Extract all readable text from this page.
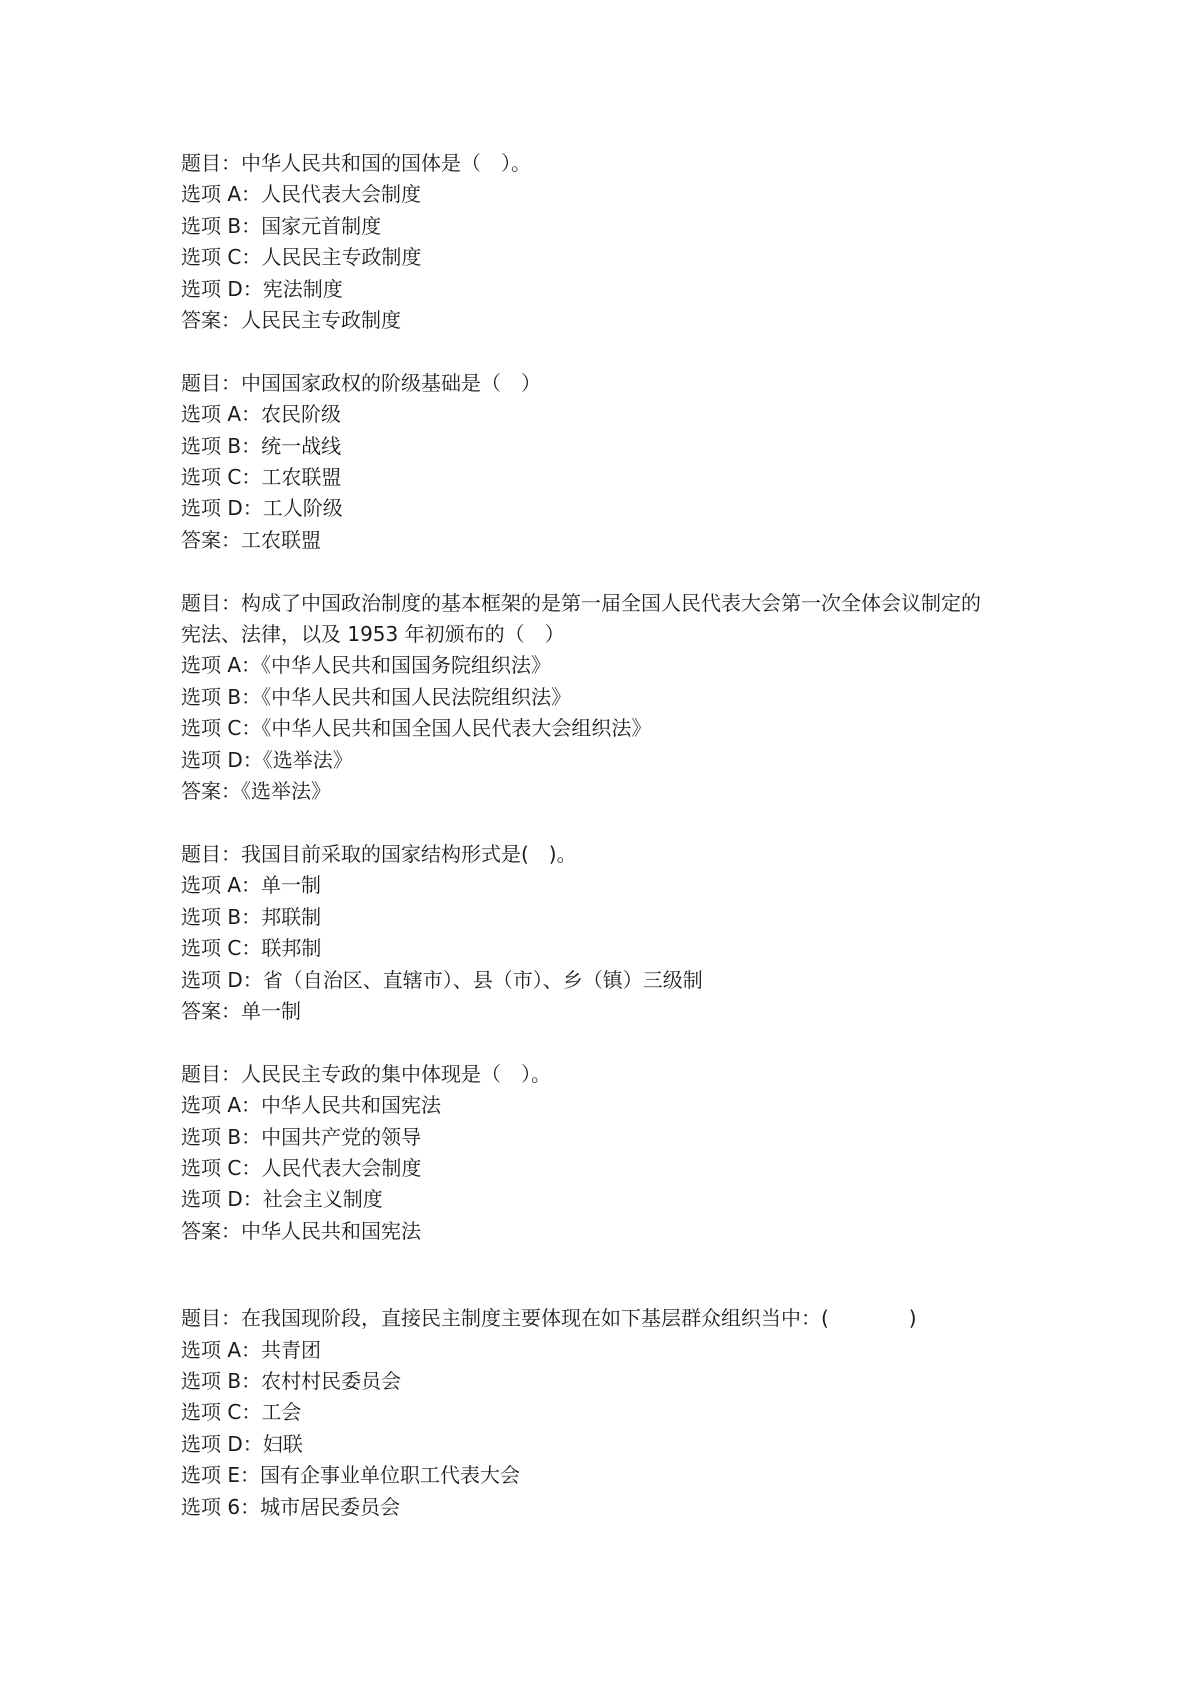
题目：中华人民共和国的国体是（　）。
选项 A：人民代表大会制度
选项 B：国家元首制度
选项 C：人民民主专政制度
选项 D：宪法制度
答案：人民民主专政制度
题目：中国国家政权的阶级基础是（　）
选项 A：农民阶级
选项 B：统一战线
选项 C：工农联盟
选项 D：工人阶级
答案：工农联盟
题目：构成了中国政治制度的基本框架的是第一届全国人民代表大会第一次全体会议制定的
宪法、法律，以及 1953 年初颁布的（　）
选项 A：《中华人民共和国国务院组织法》
选项 B：《中华人民共和国人民法院组织法》
选项 C：《中华人民共和国全国人民代表大会组织法》
选项 D：《选举法》
答案：《选举法》
题目：我国目前采取的国家结构形式是(　)。
选项 A：单一制
选项 B：邦联制
选项 C：联邦制
选项 D：省（自治区、直辖市）、县（市）、乡（镇）三级制
答案：单一制
题目：人民民主专政的集中体现是（　）。
选项 A：中华人民共和国宪法
选项 B：中国共产党的领导
选项 C：人民代表大会制度
选项 D：社会主义制度
答案：中华人民共和国宪法
题目：在我国现阶段，直接民主制度主要体现在如下基层群众组织当中：(　　　　)
选项 A：共青团
选项 B：农村村民委员会
选项 C：工会
选项 D：妇联
选项 E：国有企事业单位职工代表大会
选项 6：城市居民委员会
